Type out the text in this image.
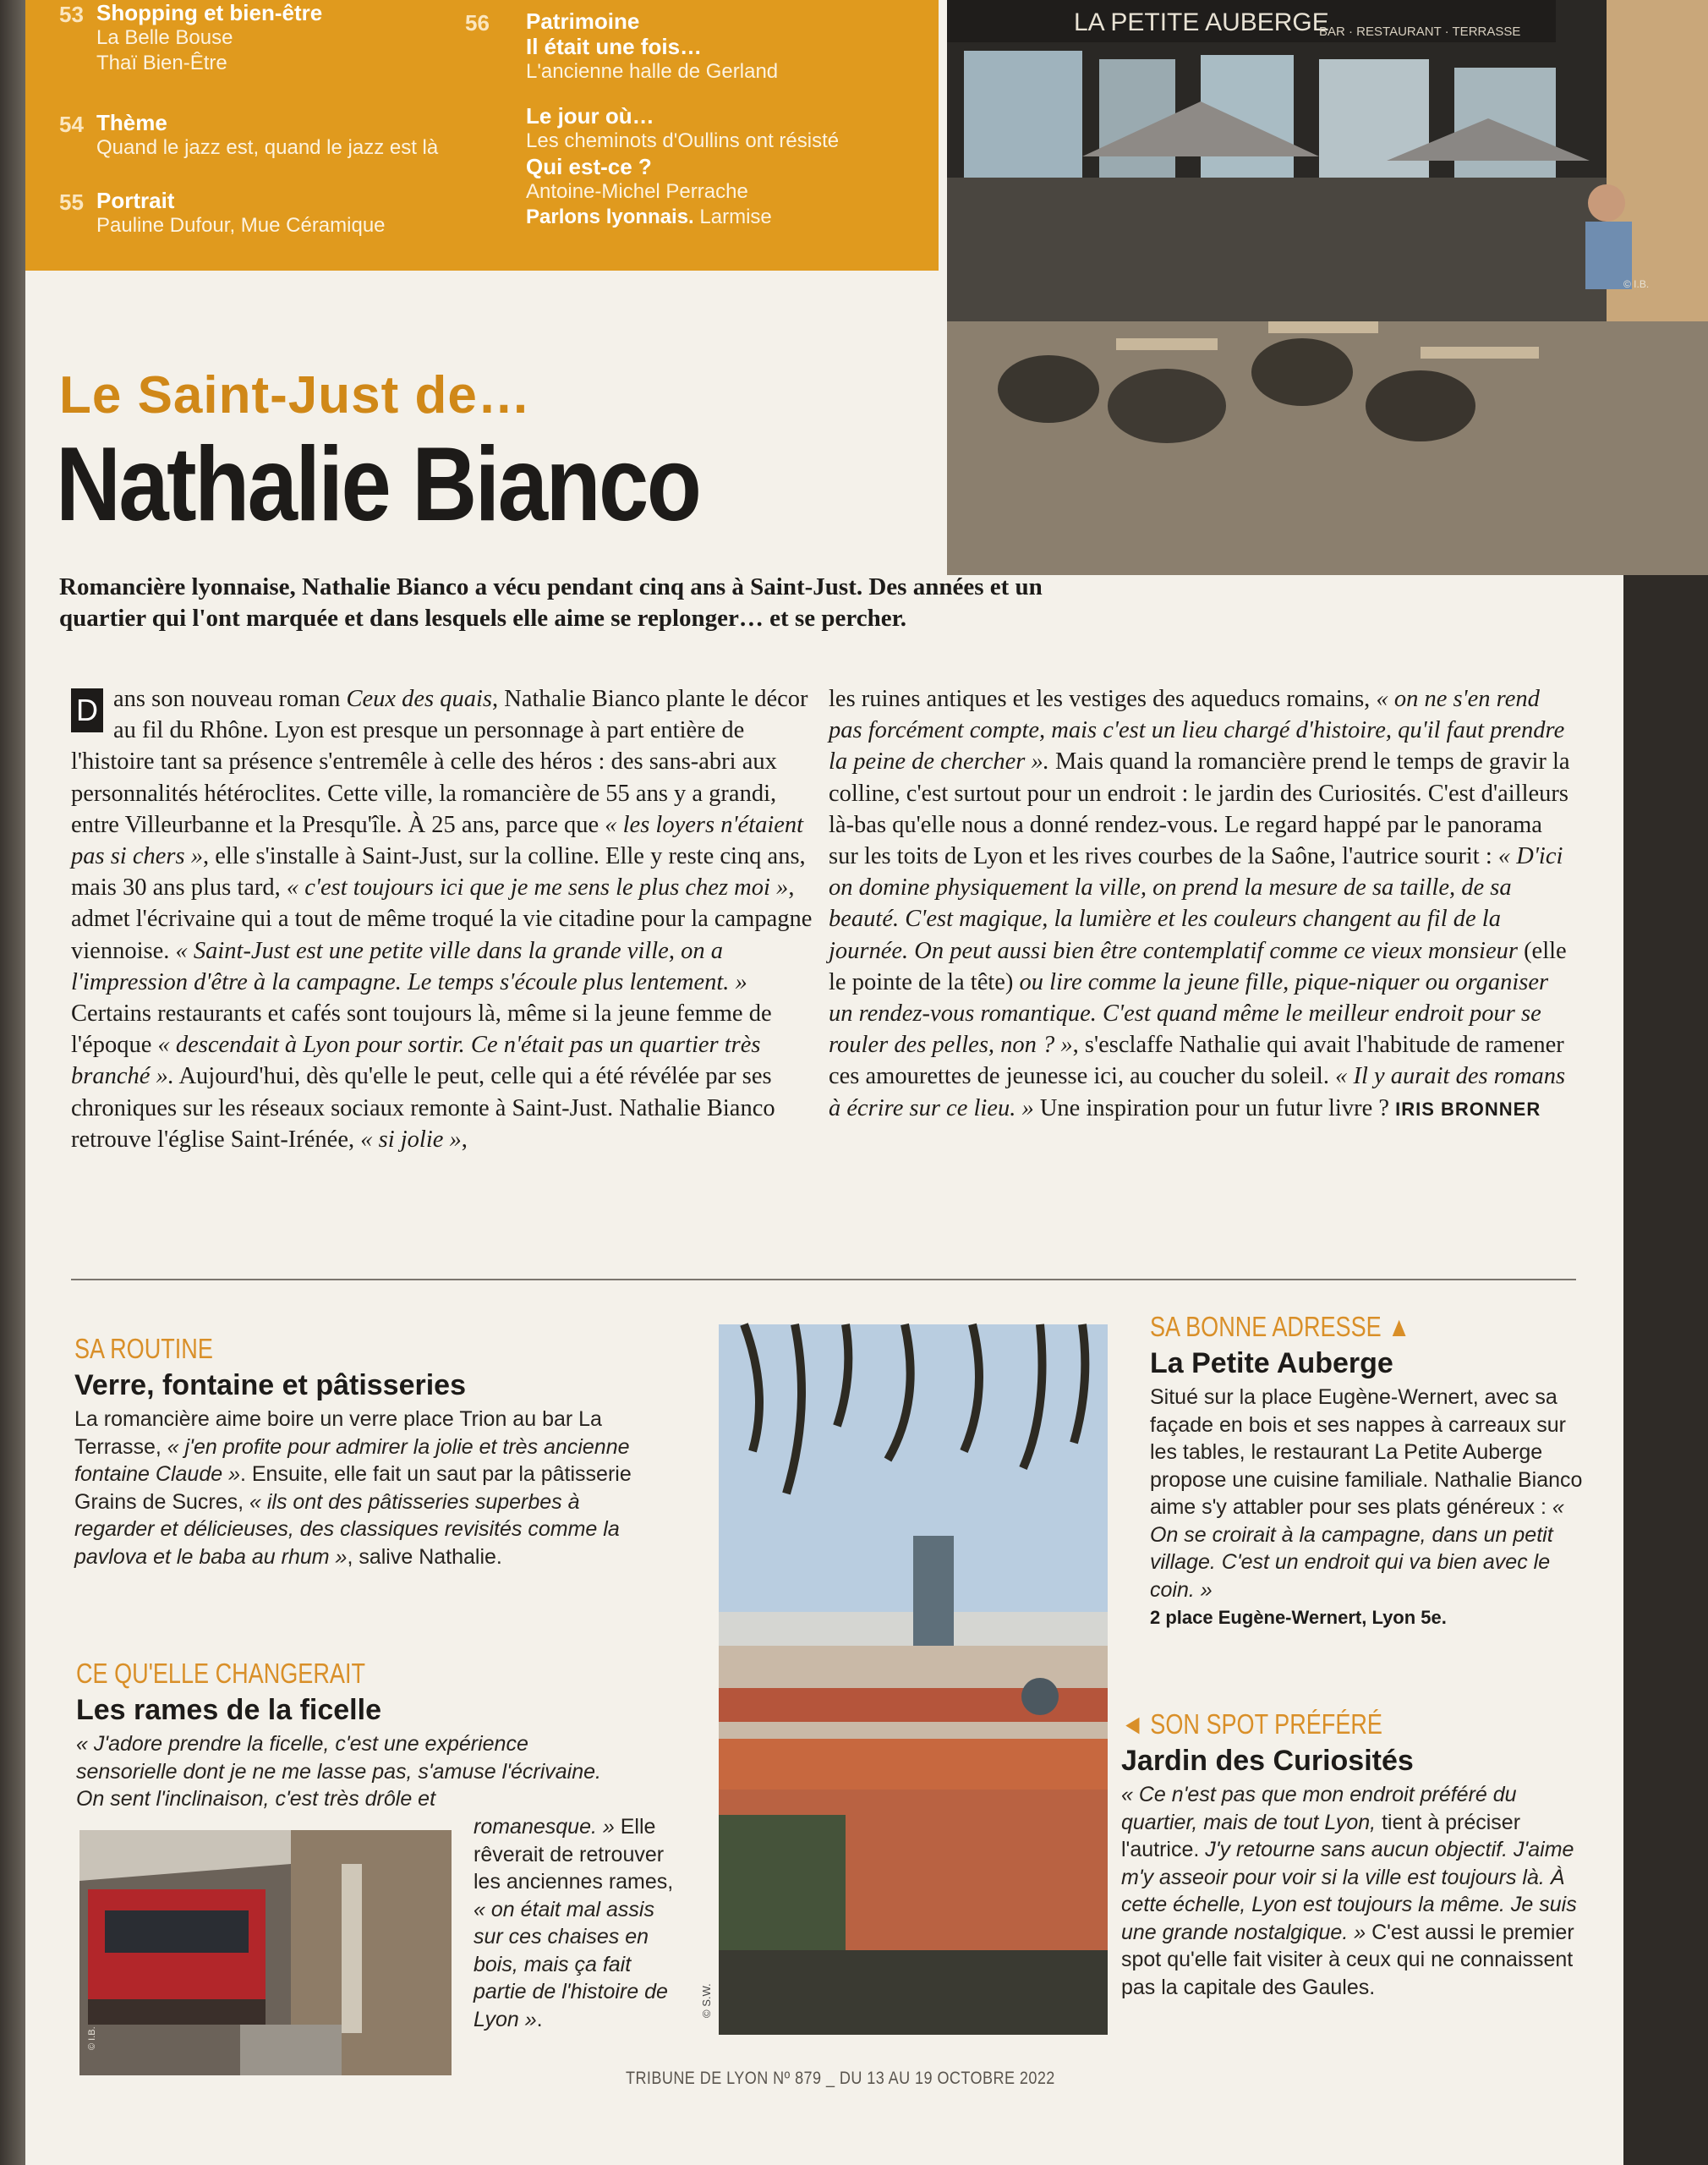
53 Shopping et bien-être
La Belle Bouse
Thaï Bien-Être
54 Thème
Quand le jazz est, quand le jazz est là
55 Portrait
Pauline Dufour, Mue Céramique
56 Patrimoine
Il était une fois…
L'ancienne halle de Gerland
Le jour où…
Les cheminots d'Oullins ont résisté
Qui est-ce ?
Antoine-Michel Perrache
Parlons lyonnais. Larmise
LA PETITE AUBERGE
BAR · RESTAURANT · TERRASSE
© I.B.
Le Saint-Just de…
Nathalie Bianco
Romancière lyonnaise, Nathalie Bianco a vécu pendant cinq ans à Saint-Just. Des années et un quartier qui l'ont marquée et dans lesquels elle aime se replonger… et se percher.
D ans son nouveau roman Ceux des quais, Nathalie Bianco plante le décor au fil du Rhône. Lyon est presque un personnage à part entière de l'histoire tant sa présence s'entremêle à celle des héros : des sans-abri aux personnalités hétéroclites. Cette ville, la romancière de 55 ans y a grandi, entre Villeurbanne et la Presqu'île. À 25 ans, parce que « les loyers n'étaient pas si chers », elle s'installe à Saint-Just, sur la colline. Elle y reste cinq ans, mais 30 ans plus tard, « c'est toujours ici que je me sens le plus chez moi », admet l'écrivaine qui a tout de même troqué la vie citadine pour la campagne viennoise. « Saint-Just est une petite ville dans la grande ville, on a l'impression d'être à la campagne. Le temps s'écoule plus lentement. » Certains restaurants et cafés sont toujours là, même si la jeune femme de l'époque « descendait à Lyon pour sortir. Ce n'était pas un quartier très branché ». Aujourd'hui, dès qu'elle le peut, celle qui a été révélée par ses chroniques sur les réseaux sociaux remonte à Saint-Just. Nathalie Bianco retrouve l'église Saint-Irénée, « si jolie »,

les ruines antiques et les vestiges des aqueducs romains, « on ne s'en rend pas forcément compte, mais c'est un lieu chargé d'histoire, qu'il faut prendre la peine de chercher ». Mais quand la romancière prend le temps de gravir la colline, c'est surtout pour un endroit : le jardin des Curiosités. C'est d'ailleurs là-bas qu'elle nous a donné rendez-vous. Le regard happé par le panorama sur les toits de Lyon et les rives courbes de la Saône, l'autrice sourit : « D'ici on domine physiquement la ville, on prend la mesure de sa taille, de sa beauté. C'est magique, la lumière et les couleurs changent au fil de la journée. On peut aussi bien être contemplatif comme ce vieux monsieur (elle le pointe de la tête) ou lire comme la jeune fille, pique-niquer ou organiser un rendez-vous romantique. C'est quand même le meilleur endroit pour se rouler des pelles, non ? », s'esclaffe Nathalie qui avait l'habitude de ramener ces amourettes de jeunesse ici, au coucher du soleil. « Il y aurait des romans à écrire sur ce lieu. » Une inspiration pour un futur livre ? IRIS BRONNER

SA ROUTINE
Verre, fontaine et pâtisseries
La romancière aime boire un verre place Trion au bar La Terrasse, « j'en profite pour admirer la jolie et très ancienne fontaine Claude ». Ensuite, elle fait un saut par la pâtisserie Grains de Sucres, « ils ont des pâtisseries superbes à regarder et délicieuses, des classiques revisités comme la pavlova et le baba au rhum », salive Nathalie.
CE QU'ELLE CHANGERAIT
Les rames de la ficelle
« J'adore prendre la ficelle, c'est une expérience sensorielle dont je ne me lasse pas, s'amuse l'écrivaine. On sent l'inclinaison, c'est très drôle et
romanesque. » Elle rêverait de retrouver les anciennes rames, « on était mal assis sur ces chaises en bois, mais ça fait partie de l'histoire de Lyon ».
© I.B.
© S.W.
SA BONNE ADRESSE ▲
La Petite Auberge
Situé sur la place Eugène-Wernert, avec sa façade en bois et ses nappes à carreaux sur les tables, le restaurant La Petite Auberge propose une cuisine familiale. Nathalie Bianco aime s'y attabler pour ses plats généreux : « On se croirait à la campagne, dans un petit village. C'est un endroit qui va bien avec le coin. »
2 place Eugène-Wernert, Lyon 5e.
◄ SON SPOT PRÉFÉRÉ
Jardin des Curiosités
« Ce n'est pas que mon endroit préféré du quartier, mais de tout Lyon, tient à préciser l'autrice. J'y retourne sans aucun objectif. J'aime m'y asseoir pour voir si la ville est toujours là. À cette échelle, Lyon est toujours la même. Je suis une grande nostalgique. » C'est aussi le premier spot qu'elle fait visiter à ceux qui ne connaissent pas la capitale des Gaules.
TRIBUNE DE LYON Nº 879 _ DU 13 AU 19 OCTOBRE 2022
